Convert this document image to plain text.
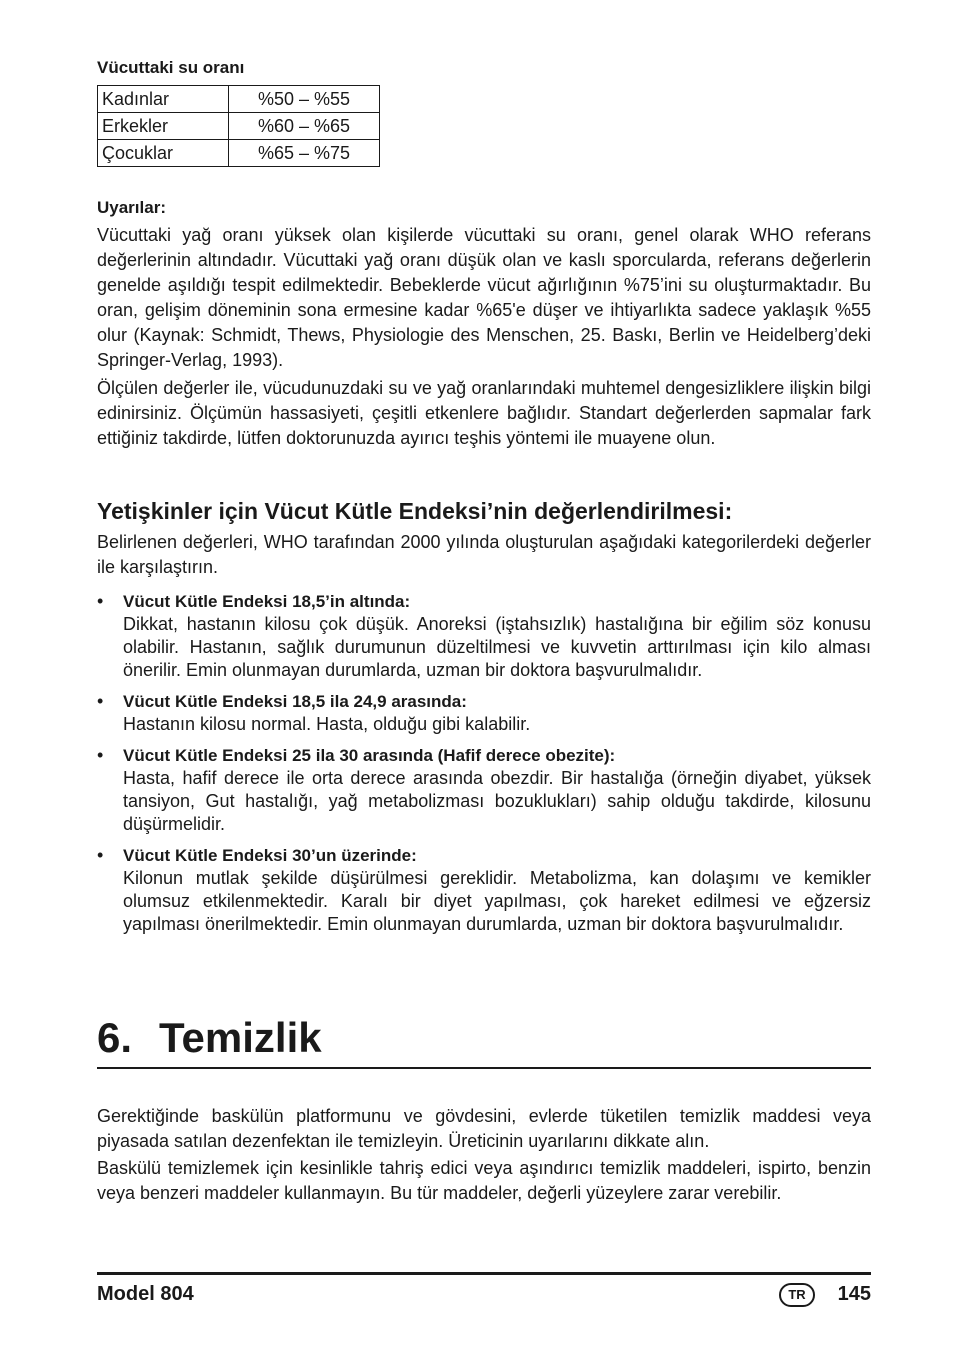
Vücuttaki su oranı
Kadınlar	%50 – %55
Erkekler	%60 – %65
Çocuklar	%65 – %75
Uyarılar:

Vücuttaki yağ oranı yüksek olan kişilerde vücuttaki su oranı, genel olarak WHO referans değerlerinin altındadır. Vücuttaki yağ oranı düşük olan ve kaslı sporcularda, referans değerlerin genelde aşıldığı tespit edilmektedir. Bebeklerde vücut ağırlığının %75’ini su oluşturmaktadır. Bu oran, gelişim döneminin sona ermesine kadar %65'e düşer ve ihtiyarlıkta sadece yaklaşık %55 olur (Kaynak: Schmidt, Thews, Physiologie des Menschen, 25. Baskı, Berlin ve Heidelberg’deki Springer-Verlag, 1993).

Ölçülen değerler ile, vücudunuzdaki su ve yağ oranlarındaki muhtemel dengesizliklere ilişkin bilgi edinirsiniz. Ölçümün hassasiyeti, çeşitli etkenlere bağlıdır. Standart değerlerden sapmalar fark ettiğiniz takdirde, lütfen doktorunuzda ayırıcı teşhis yöntemi ile muayene olun.

Yetişkinler için Vücut Kütle Endeksi’nin değerlendirilmesi:

Belirlenen değerleri, WHO tarafından 2000 yılında oluşturulan aşağıdaki kategorilerdeki değerler ile karşılaştırın.

• Vücut Kütle Endeksi 18,5’in altında:
Dikkat, hastanın kilosu çok düşük. Anoreksi (iştahsızlık) hastalığına bir eğilim söz konusu olabilir. Hastanın, sağlık durumunun düzeltilmesi ve kuvvetin arttırılması için kilo alması önerilir. Emin olunmayan durumlarda, uzman bir doktora başvurulmalıdır.
• Vücut Kütle Endeksi 18,5 ila 24,9 arasında:
Hastanın kilosu normal. Hasta, olduğu gibi kalabilir.
• Vücut Kütle Endeksi 25 ila 30 arasında (Hafif derece obezite):
Hasta, hafif derece ile orta derece arasında obezdir. Bir hastalığa (örneğin diyabet, yüksek tansiyon, Gut hastalığı, yağ metabolizması bozuklukları) sahip olduğu takdirde, kilosunu düşürmelidir.
• Vücut Kütle Endeksi 30’un üzerinde:
Kilonun mutlak şekilde düşürülmesi gereklidir. Metabolizma, kan dolaşımı ve kemikler olumsuz etkilenmektedir. Karalı bir diyet yapılması, çok hareket edilmesi ve eğzersiz yapılması önerilmektedir. Emin olunmayan durumlarda, uzman bir doktora başvurulmalıdır.
6. Temizlik

Gerektiğinde baskülün platformunu ve gövdesini, evlerde tüketilen temizlik maddesi veya piyasada satılan dezenfektan ile temizleyin. Üreticinin uyarılarını dikkate alın.

Baskülü temizlemek için kesinlikle tahriş edici veya aşındırıcı temizlik maddeleri, ispirto, benzin veya benzeri maddeler kullanmayın. Bu tür maddeler, değerli yüzeylere zarar verebilir.

Model 804	TR	145
